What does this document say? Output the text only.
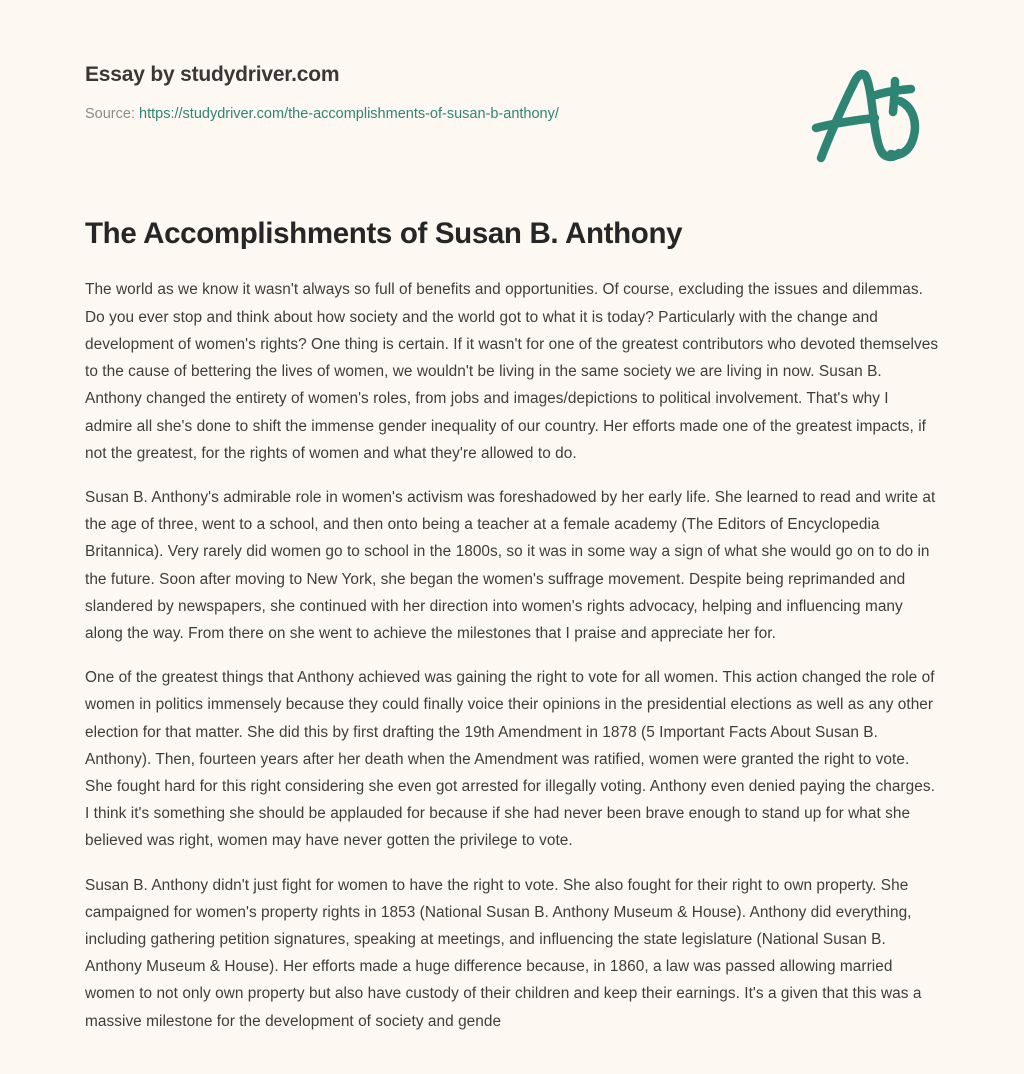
Essay by studydriver.com
Source: https://studydriver.com/the-accomplishments-of-susan-b-anthony/
The Accomplishments of Susan B. Anthony

The world as we know it wasn't always so full of benefits and opportunities. Of course, excluding the issues and dilemmas. Do you ever stop and think about how society and the world got to what it is today? Particularly with the change and development of women's rights? One thing is certain. If it wasn't for one of the greatest contributors who devoted themselves to the cause of bettering the lives of women, we wouldn't be living in the same society we are living in now. Susan B. Anthony changed the entirety of women's roles, from jobs and images/depictions to political involvement. That's why I admire all she's done to shift the immense gender inequality of our country. Her efforts made one of the greatest impacts, if not the greatest, for the rights of women and what they're allowed to do.

Susan B. Anthony's admirable role in women's activism was foreshadowed by her early life. She learned to read and write at the age of three, went to a school, and then onto being a teacher at a female academy (The Editors of Encyclopedia Britannica). Very rarely did women go to school in the 1800s, so it was in some way a sign of what she would go on to do in the future. Soon after moving to New York, she began the women's suffrage movement. Despite being reprimanded and slandered by newspapers, she continued with her direction into women's rights advocacy, helping and influencing many along the way. From there on she went to achieve the milestones that I praise and appreciate her for.

One of the greatest things that Anthony achieved was gaining the right to vote for all women. This action changed the role of women in politics immensely because they could finally voice their opinions in the presidential elections as well as any other election for that matter. She did this by first drafting the 19th Amendment in 1878 (5 Important Facts About Susan B. Anthony). Then, fourteen years after her death when the Amendment was ratified, women were granted the right to vote. She fought hard for this right considering she even got arrested for illegally voting. Anthony even denied paying the charges. I think it's something she should be applauded for because if she had never been brave enough to stand up for what she believed was right, women may have never gotten the privilege to vote.

Susan B. Anthony didn't just fight for women to have the right to vote. She also fought for their right to own property. She campaigned for women's property rights in 1853 (National Susan B. Anthony Museum & House). Anthony did everything, including gathering petition signatures, speaking at meetings, and influencing the state legislature (National Susan B. Anthony Museum & House). Her efforts made a huge difference because, in 1860, a law was passed allowing married women to not only own property but also have custody of their children and keep their earnings. It's a given that this was a massive milestone for the development of society and gende
